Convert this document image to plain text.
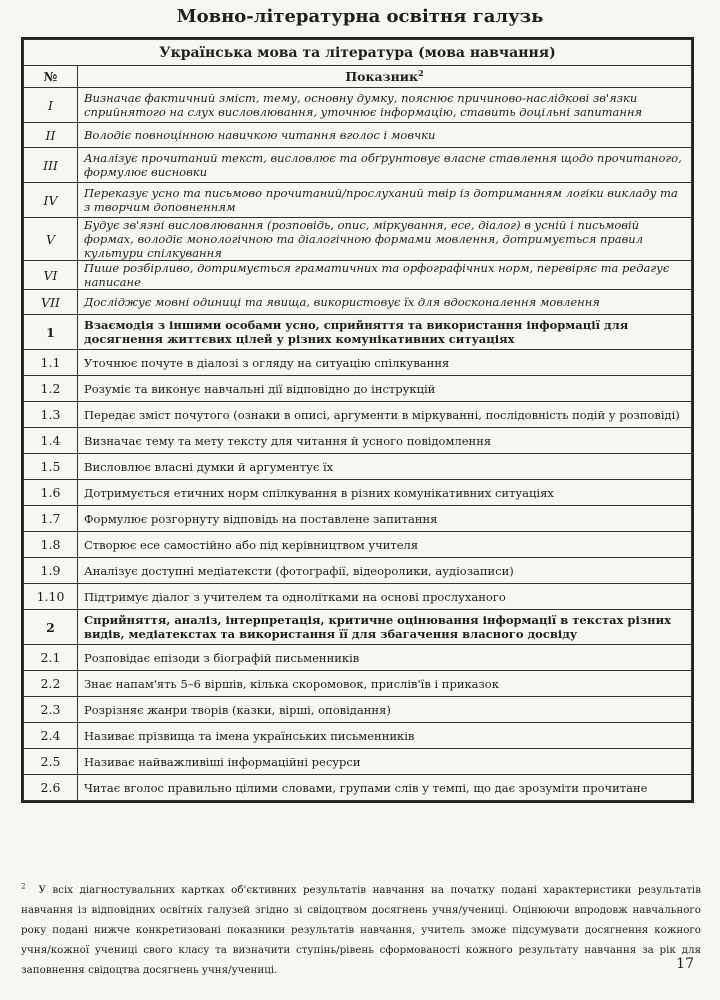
Мовно-літературна освітня галузь
Українська мова та література (мова навчання)	
№	Показник$^2$
I	Визначає фактичний зміст, тему, основну думку, пояснює причиново-наслідкові зв'язки сприйнятого на слух висловлювання, уточнює інформацію, ставить доцільні запитання
II	Володіє повноцінною навичкою читання вголос і мовчки
III	Аналізує прочитаний текст, висловлює та обґрунтовує власне ставлення щодо прочитаного, формулює висновки
IV	Переказує усно та письмово прочитаний/прослуханий твір із дотриманням логіки викладу та з творчим доповненням
V	Будує зв'язні висловлювання (розповідь, опис, міркування, есе, діалог) в усній і письмовій формах, володіє монологічною та діалогічною формами мовлення, дотримується правил культури спілкування
VI	Пише розбірливо, дотримується граматичних та орфографічних норм, перевіряє та редагує написане
VII	Досліджує мовні одиниці та явища, використовує їх для вдосконалення мовлення
1	Взаємодія з іншими особами усно, сприйняття та використання інформації для досягнення життєвих цілей у різних комунікативних ситуаціях
1.1	Уточнює почуте в діалозі з огляду на ситуацію спілкування
1.2	Розуміє та виконує навчальні дії відповідно до інструкцій
1.3	Передає зміст почутого (ознаки в описі, аргументи в міркуванні, послідовність подій у розповіді)
1.4	Визначає тему та мету тексту для читання й усного повідомлення
1.5	Висловлює власні думки й аргументує їх
1.6	Дотримується етичних норм спілкування в різних комунікативних ситуаціях
1.7	Формулює розгорнуту відповідь на поставлене запитання
1.8	Створює есе самостійно або під керівництвом учителя
1.9	Аналізує доступні медіатексти (фотографії, відеоролики, аудіозаписи)
1.10	Підтримує діалог з учителем та однолітками на основі прослуханого
2	Сприйняття, аналіз, інтерпретація, критичне оцінювання інформації в текстах різних видів, медіатекстах та використання її для збагачення власного досвіду
2.1	Розповідає епізоди з біографій письменників
2.2	Знає напам'ять 5–6 віршів, кілька скоромовок, прислів'їв і приказок
2.3	Розрізняє жанри творів (казки, вірші, оповідання)
2.4	Називає прізвища та імена українських письменників
2.5	Називає найважливіші інформаційні ресурси
2.6	Читає вголос правильно цілими словами, групами слів у темпі, що дає зрозуміти прочитане
$^2$ У всіх діагностувальних картках об'єктивних результатів навчання на початку подані характеристики результатів навчання із відповідних освітніх галузей згідно зі свідоцтвом досягнень учня/учениці. Оцінюючи впродовж навчального року подані нижче конкретизовані показники результатів навчання, учитель зможе підсумувати досягнення кожного учня/кожної учениці свого класу та визначити ступінь/рівень сформованості кожного результату навчання за рік для заповнення свідоцтва досягнень учня/учениці.	17
